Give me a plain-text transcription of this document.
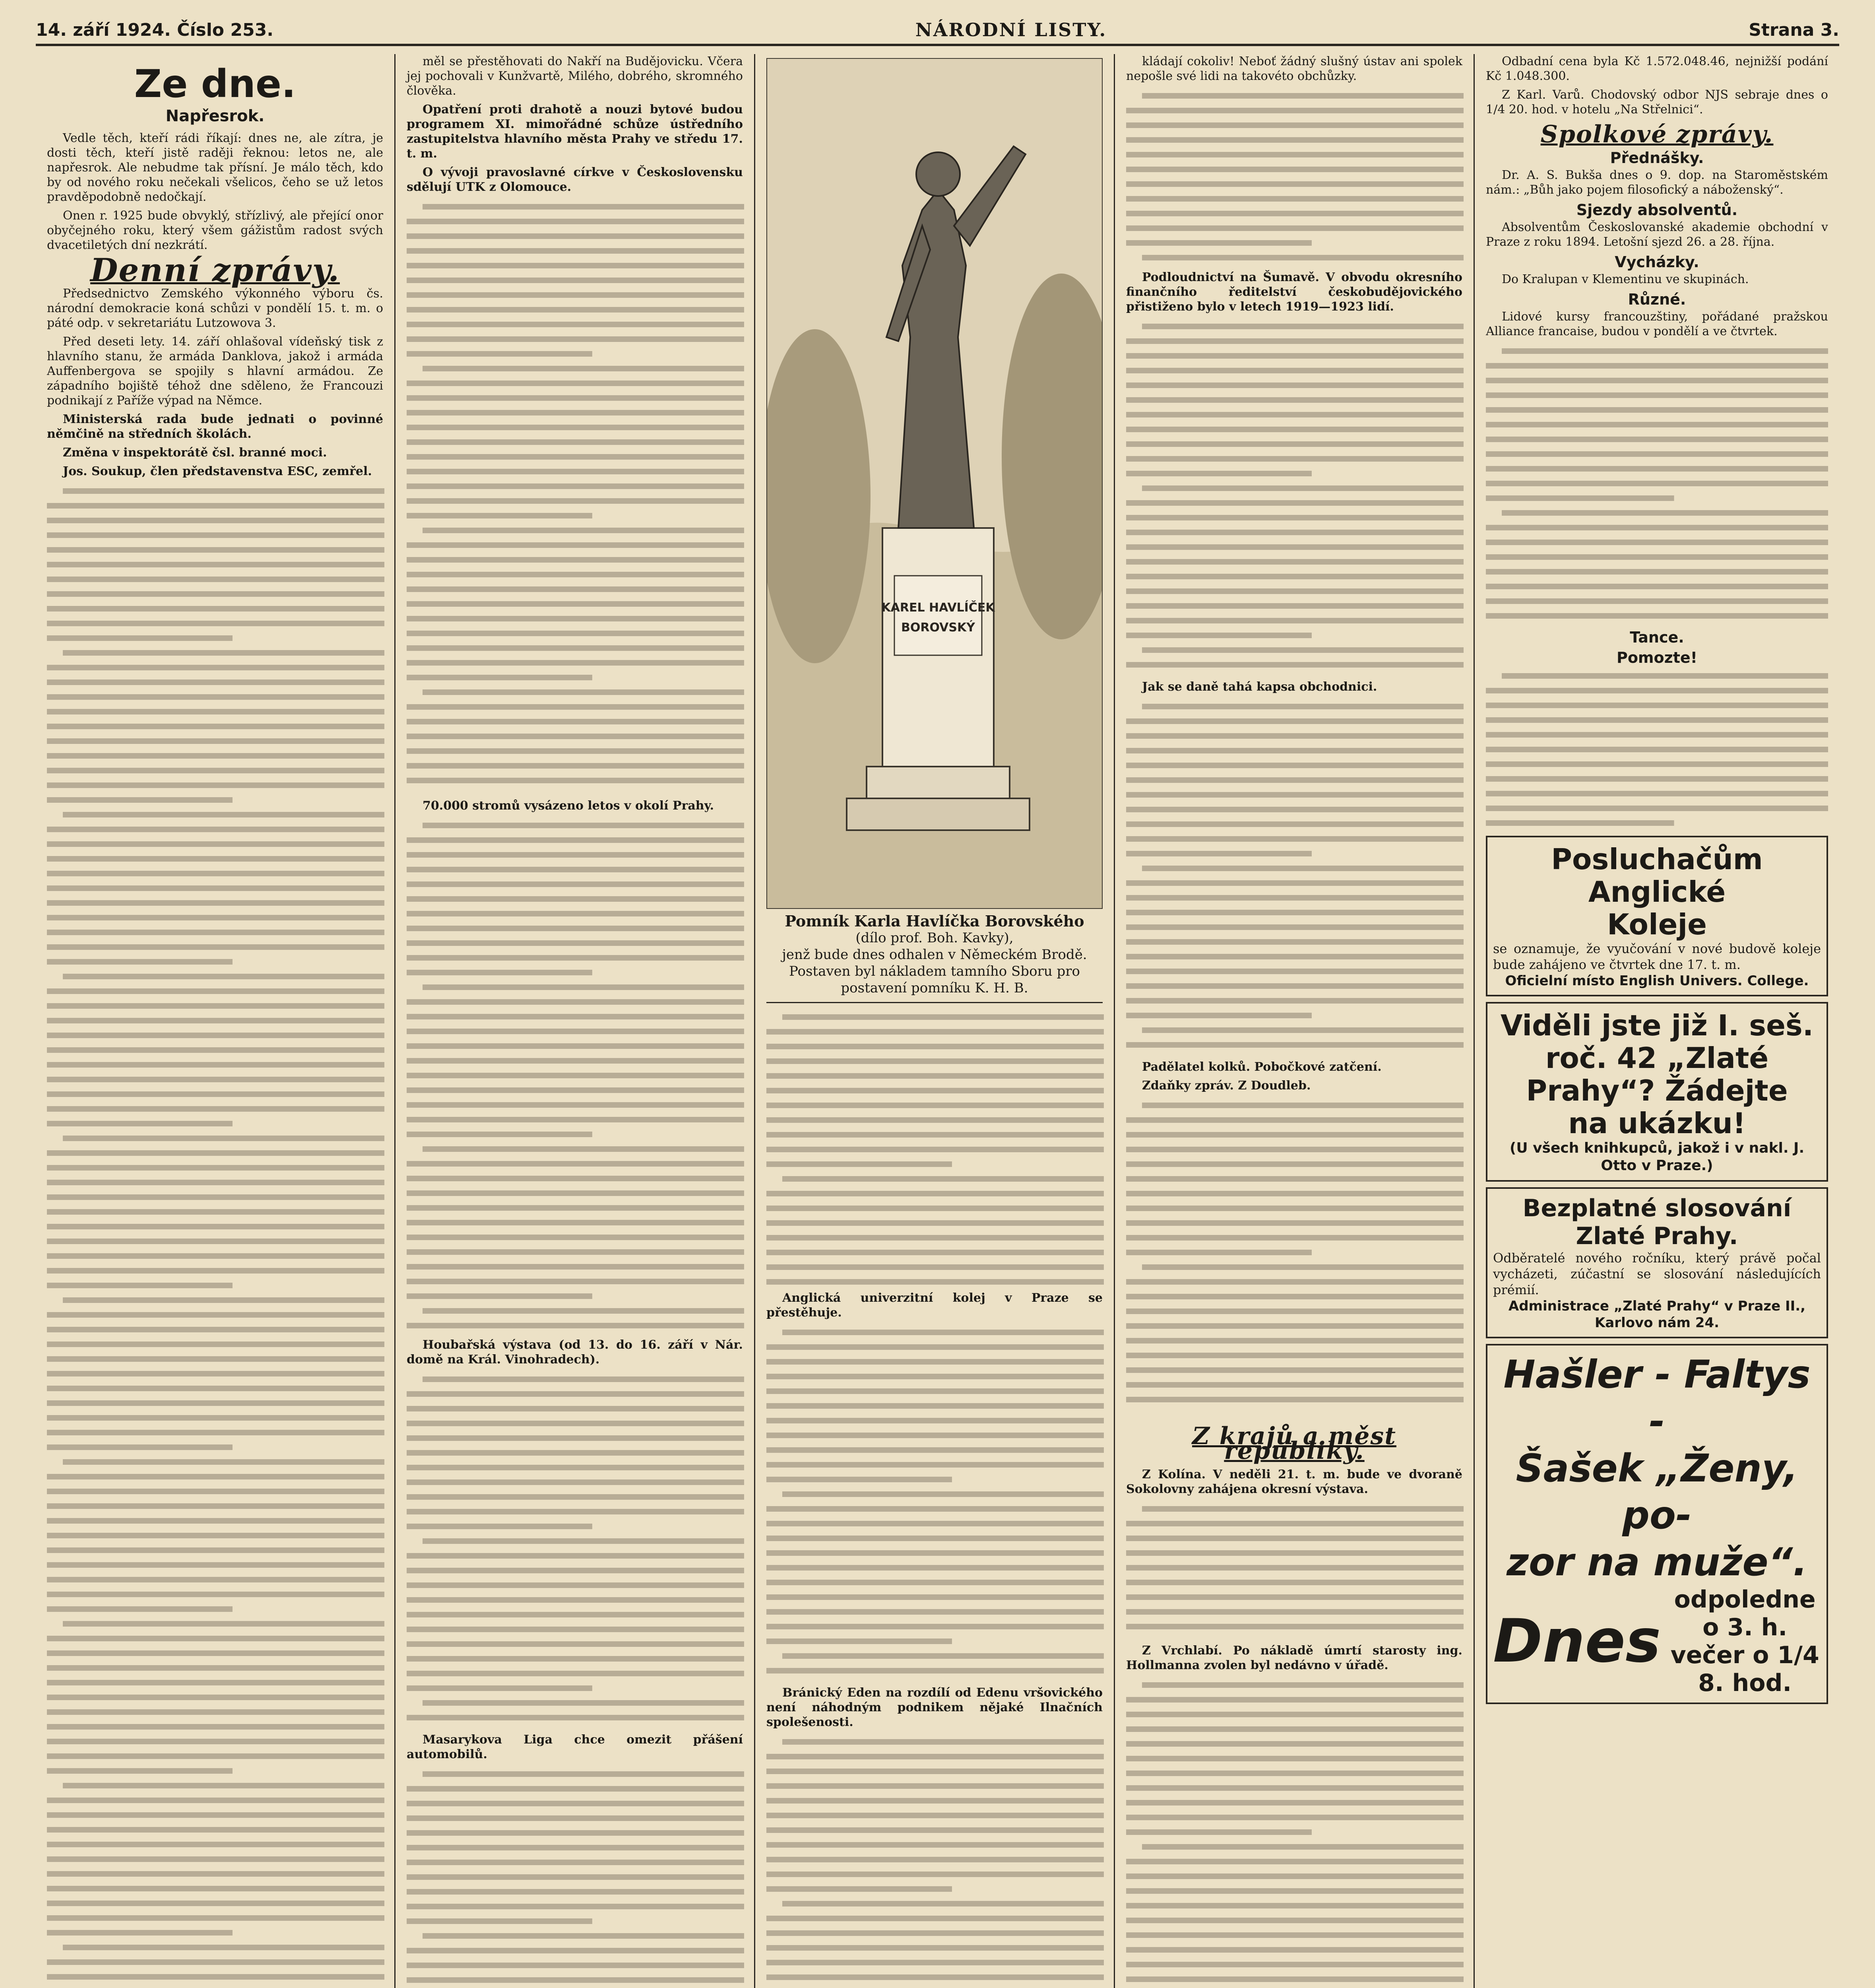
14. září 1924. Číslo 253.	NÁRODNÍ LISTY.	Strana 3.
Ze dne.
Napřesrok.

Vedle těch, kteří rádi říkají: dnes ne, ale zítra, je dosti těch, kteří jistě raději řeknou: letos ne, ale napřesrok. Ale nebudme tak přísní. Je málo těch, kdo by od nového roku nečekali všelicos, čeho se už letos pravděpodobně nedočkají.

Onen r. 1925 bude obvyklý, střízlivý, ale přející onor obyčejného roku, který všem gážistům radost svých dvacetiletých dní nezkrátí.

Denní zprávy.

Předsednictvo Zemského výkonného výboru čs. národní demokracie koná schůzi v pondělí 15. t. m. o páté odp. v sekretariátu Lutzowova 3.

Před deseti lety. 14. září ohlašoval vídeňský tisk z hlavního stanu, že armáda Danklova, jakož i armáda Auffenbergova se spojily s hlavní armádou. Ze západního bojiště téhož dne sděleno, že Francouzi podnikají z Paříže výpad na Němce.

Ministerská rada bude jednati o povinné němčině na středních školách.

Změna v inspektorátě čsl. branné moci.

Jos. Soukup, člen představenstva ESC, zemřel.

měl se přestěhovati do Nakří na Budějovicku. Včera jej pochovali v Kunžvartě, Milého, dobrého, skromného člověka.

Opatření proti drahotě a nouzi bytové budou programem XI. mimořádné schůze ústředního zastupitelstva hlavního města Prahy ve středu 17. t. m.

O vývoji pravoslavné církve v Československu sdělují UTK z Olomouce.

70.000 stromů vysázeno letos v okolí Prahy.

Houbařská výstava (od 13. do 16. září v Nár. domě na Král. Vinohradech).

Masarykova Liga chce omezit přášení automobilů.

KAREL HAVLÍČEK
BOROVSKÝ
Pomník Karla Havlíčka Borovského
(dílo prof. Boh. Kavky),
jenž bude dnes odhalen v Německém Brodě.
Postaven byl nákladem tamního Sboru pro postavení pomníku K. H. B.

Anglická univerzitní kolej v Praze se přestěhuje.

Bránický Eden na rozdílí od Edenu vršovického není náhodným podnikem nějaké Ilnačních spolešenosti.

kládají cokoliv! Neboť žádný slušný ústav ani spolek nepošle své lidi na takovéto obchůzky.

Podloudnictví na Šumavě. V obvodu okresního finančního ředitelství českobudějovického přistiženo bylo v letech 1919—1923 lidí.

Jak se daně tahá kapsa obchodnici.

Padělatel kolků. Pobočkové zatčení.

Zdaňky zpráv. Z Doudleb.

Z krajů a měst republiky.

Z Kolína. V neděli 21. t. m. bude ve dvoraně Sokolovny zahájena okresní výstava.

Z Vrchlabí. Po nákladě úmrtí starosty ing. Hollmanna zvolen byl nedávno v úřadě.

Odbadní cena byla Kč 1.572.048.46, nejnižší podání Kč 1.048.300.

Z Karl. Varů. Chodovský odbor NJS sebraje dnes o 1/4 20. hod. v hotelu „Na Střelnici“.

Spolkové zprávy.
Přednášky.

Dr. A. S. Bukša dnes o 9. dop. na Staroměstském nám.: „Bůh jako pojem filosofický a náboženský“.

Sjezdy absolventů.

Absolventům Českoslovanské akademie obchodní v Praze z roku 1894. Letošní sjezd 26. a 28. října.

Vycházky.

Do Kralupan v Klementinu ve skupinách.

Různé.

Lidové kursy francouzštiny, pořádané pražskou Alliance francaise, budou v pondělí a ve čtvrtek.

Tance.
Pomozte!
Posluchačům Anglické
Koleje
se oznamuje, že vyučování v nové budově koleje bude zahájeno ve čtvrtek dne 17. t. m.
Oficielní místo English Univers. College.
Viděli jste již I. seš. roč. 42 „Zlaté Prahy“? Žádejte
na ukázku!
(U všech knihkupců, jakož i v nakl. J. Otto v Praze.)
Bezplatné slosování Zlaté Prahy.
Odběratelé nového ročníku, který právě počal vycházeti, zúčastní se slosování následujících prémií.
Administrace „Zlaté Prahy“ v Praze II., Karlovo nám 24.
Hašler - Faltys -
Šašek „Ženy, po-
zor na muže“.
Dnes
odpoledne o 3. h.
večer o 1/4 8. hod.
